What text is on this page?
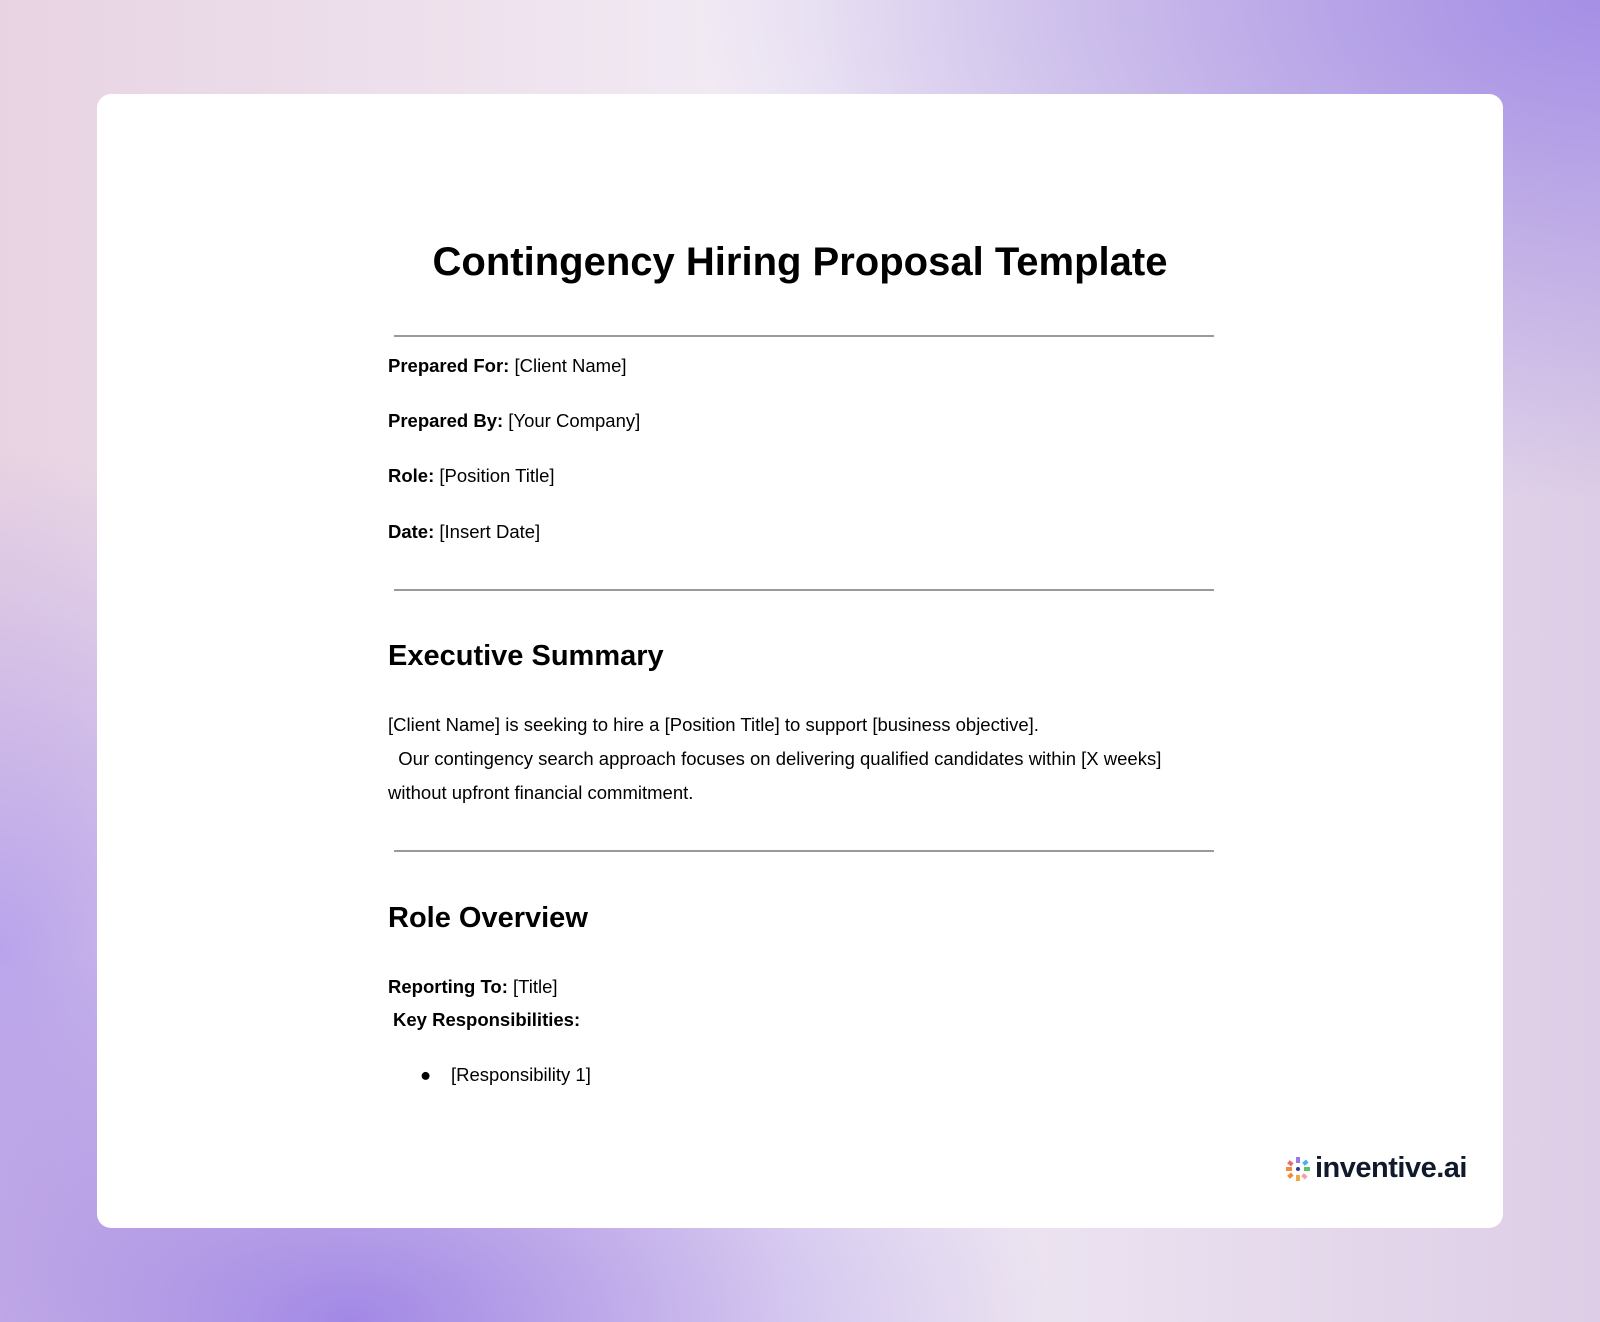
Contingency Hiring Proposal Template
Prepared For: [Client Name]
Prepared By: [Your Company]
Role: [Position Title]
Date: [Insert Date]
Executive Summary
[Client Name] is seeking to hire a [Position Title] to support [business objective].
Our contingency search approach focuses on delivering qualified candidates within [X weeks]
without upfront financial commitment.
Role Overview
Reporting To: [Title]
Key Responsibilities:
● [Responsibility 1]
inventive.ai
